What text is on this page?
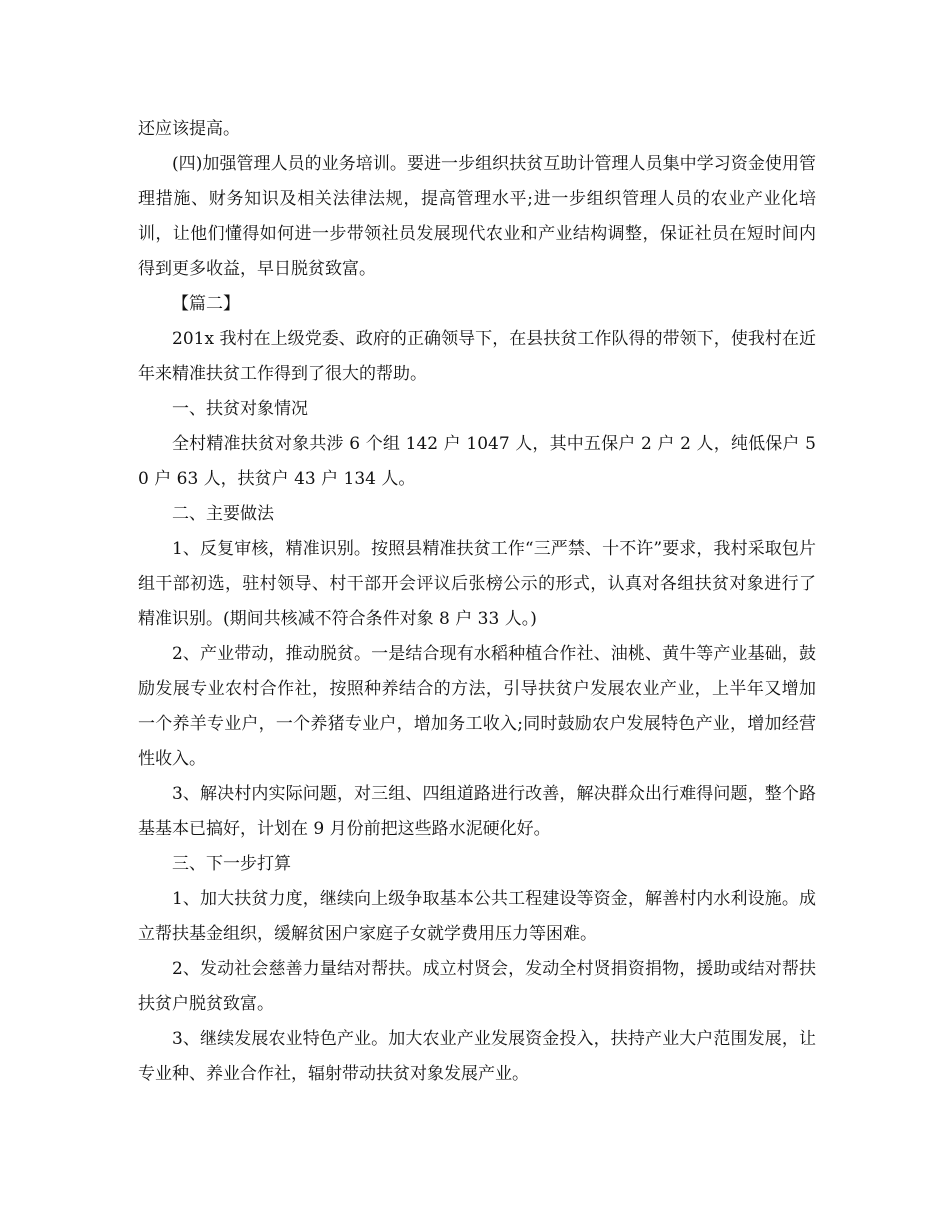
还应该提高。

(四)加强管理人员的业务培训。要进一步组织扶贫互助计管理人员集中学习资金使用管理措施、财务知识及相关法律法规，提高管理水平;进一步组织管理人员的农业产业化培训，让他们懂得如何进一步带领社员发展现代农业和产业结构调整，保证社员在短时间内得到更多收益，早日脱贫致富。

【篇二】

201x 我村在上级党委、政府的正确领导下，在县扶贫工作队得的带领下，使我村在近年来精准扶贫工作得到了很大的帮助。

一、扶贫对象情况

全村精准扶贫对象共涉 6 个组 142 户 1047 人，其中五保户 2 户 2 人，纯低保户 50 户 63 人，扶贫户 43 户 134 人。

二、主要做法

1、反复审核，精准识别。按照县精准扶贫工作“三严禁、十不许”要求，我村采取包片组干部初选，驻村领导、村干部开会评议后张榜公示的形式，认真对各组扶贫对象进行了精准识别。(期间共核减不符合条件对象 8 户 33 人。)

2、产业带动，推动脱贫。一是结合现有水稻种植合作社、油桃、黄牛等产业基础，鼓励发展专业农村合作社，按照种养结合的方法，引导扶贫户发展农业产业，上半年又增加一个养羊专业户，一个养猪专业户，增加务工收入;同时鼓励农户发展特色产业，增加经营性收入。

3、解决村内实际问题，对三组、四组道路进行改善，解决群众出行难得问题，整个路基基本已搞好，计划在 9 月份前把这些路水泥硬化好。

三、下一步打算

1、加大扶贫力度，继续向上级争取基本公共工程建设等资金，解善村内水利设施。成立帮扶基金组织，缓解贫困户家庭子女就学费用压力等困难。

2、发动社会慈善力量结对帮扶。成立村贤会，发动全村贤捐资捐物，援助或结对帮扶扶贫户脱贫致富。

3、继续发展农业特色产业。加大农业产业发展资金投入，扶持产业大户范围发展，让专业种、养业合作社，辐射带动扶贫对象发展产业。
